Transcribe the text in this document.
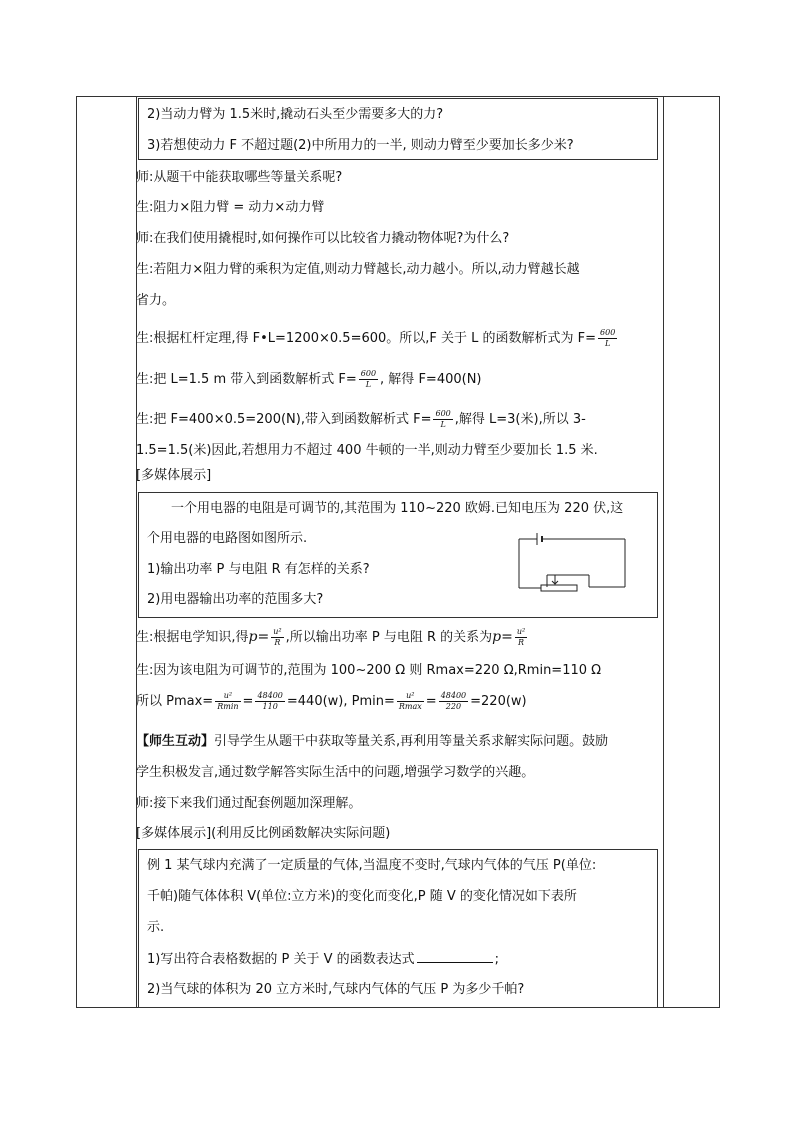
2)当动力臂为 1.5米时,撬动石头至少需要多大的力?
3)若想使动力 F 不超过题(2)中所用力的一半, 则动力臂至少要加长多少米?
师:从题干中能获取哪些等量关系呢?
生:阻力×阻力臂 = 动力×动力臂
师:在我们使用撬棍时,如何操作可以比较省力撬动物体呢?为什么?
生:若阻力×阻力臂的乘积为定值,则动力臂越长,动力越小。所以,动力臂越长越
省力。
生:根据杠杆定理,得 F•L=1200×0.5=600。所以,F 关于 L 的函数解析式为 $F= \frac{600}{L}$
生:把 L=1.5 m 带入到函数解析式 $F= \frac{600}{L}$ , 解得 F=400(N)
生:把 F=400×0.5=200(N),带入到函数解析式 $F= \frac{600}{L}$ ,解得 L=3(米),所以 3-
1.5=1.5(米)因此,若想用力不超过 400 牛顿的一半,则动力臂至少要加长 1.5 米.
[多媒体展示]
一个用电器的电阻是可调节的,其范围为 110~220 欧姆.已知电压为 220 伏,这
个用电器的电路图如图所示.
1)输出功率 P 与电阻 R 有怎样的关系?
2)用电器输出功率的范围多大?
生:根据电学知识,得$p= \frac{\text{u²}}{R}$ ,所以输出功率 P 与电阻 R 的关系为$p= \frac{\text{u²}}{R}$
生:因为该电阻为可调节的,范围为 100~200 Ω 则 Rmax=220 Ω,Rmin=110 Ω
所以 $Pmax= \frac{\text{u²}}{Rmin} = \frac{48400}{110} =440(w)$, $Pmin= \frac{\text{u²}}{Rmax} = \frac{48400}{220} =220(w)$
【师生互动】引导学生从题干中获取等量关系,再利用等量关系求解实际问题。鼓励
学生积极发言,通过数学解答实际生活中的问题,增强学习数学的兴趣。
师:接下来我们通过配套例题加深理解。
[多媒体展示](利用反比例函数解决实际问题)
例 1 某气球内充满了一定质量的气体,当温度不变时,气球内气体的气压 P(单位:
千帕)随气体体积 V(单位:立方米)的变化而变化,P 随 V 的变化情况如下表所
示.
1)写出符合表格数据的 P 关于 V 的函数表达式	;
2)当气球的体积为 20 立方米时,气球内气体的气压 P 为多少千帕?
